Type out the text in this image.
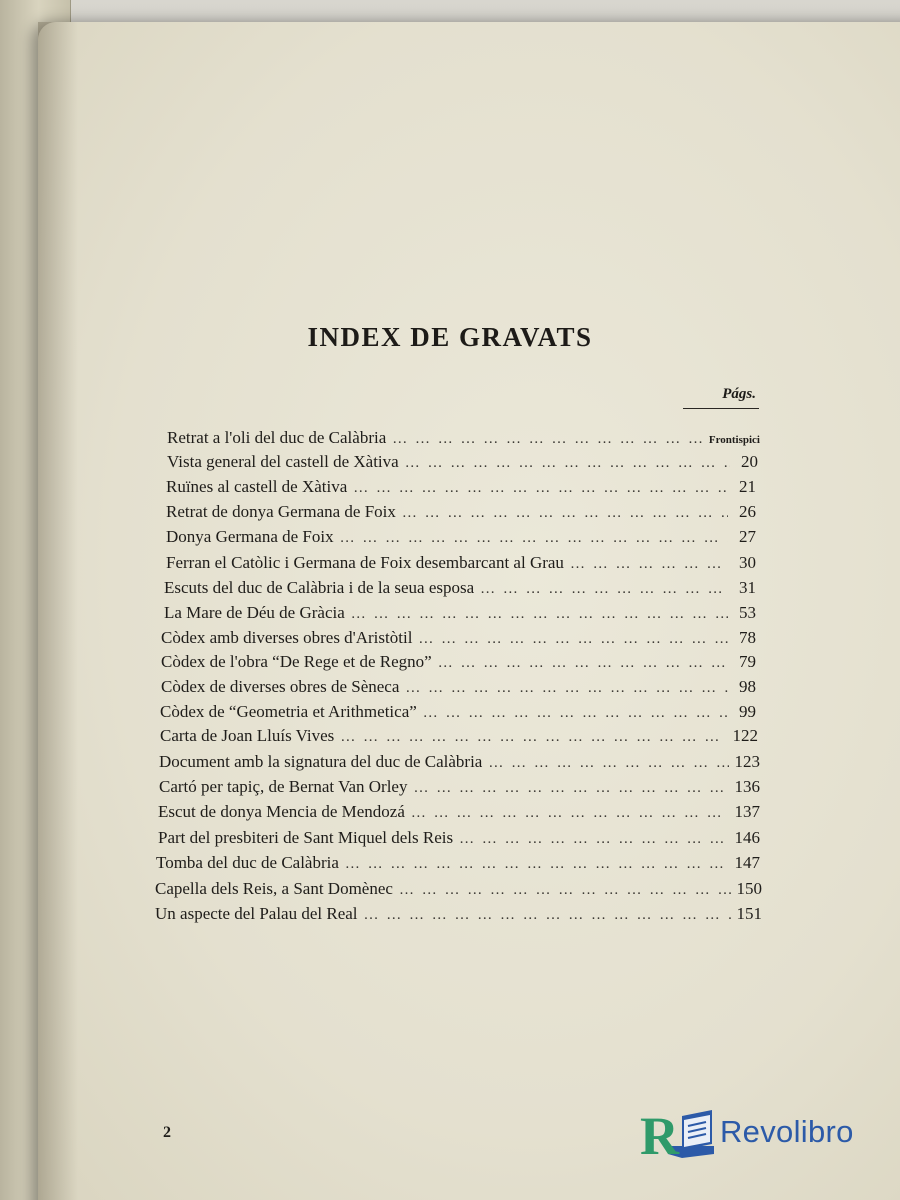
INDEX DE GRAVATS
Págs.
Retrat a l'oli del duc de Calàbria … … … … … … … … … … … … … … … … … … … … … … … … … … … … … … … … … … … … … … … … … … …	Frontispici
Vista general del castell de Xàtiva … … … … … … … … … … … … … … … … … … … … … … … … … … … … … … … … … … … … … … … … … … …	20
Ruïnes al castell de Xàtiva … … … … … … … … … … … … … … … … … … … … … … … … … … … … … … … … … … … … … … … … … … …	21
Retrat de donya Germana de Foix … … … … … … … … … … … … … … … … … … … … … … … … … … … … … … … … … … … … … … … … … … …	26
Donya Germana de Foix … … … … … … … … … … … … … … … … … … … … … … … … … … … … … … … … … … … … … … … … … … …	27
Ferran el Catòlic i Germana de Foix desembarcant al Grau … … … … … … … … … … … … … … … … … … … … … … … … … … … … … … … … … … … … … … … … … … …	30
Escuts del duc de Calàbria i de la seua esposa … … … … … … … … … … … … … … … … … … … … … … … … … … … … … … … … … … … … … … … … … … …	31
La Mare de Déu de Gràcia … … … … … … … … … … … … … … … … … … … … … … … … … … … … … … … … … … … … … … … … … … …	53
Còdex amb diverses obres d'Aristòtil … … … … … … … … … … … … … … … … … … … … … … … … … … … … … … … … … … … … … … … … … … …	78
Còdex de l'obra “De Rege et de Regno” … … … … … … … … … … … … … … … … … … … … … … … … … … … … … … … … … … … … … … … … … … …	79
Còdex de diverses obres de Sèneca … … … … … … … … … … … … … … … … … … … … … … … … … … … … … … … … … … … … … … … … … … …	98
Còdex de “Geometria et Arithmetica” … … … … … … … … … … … … … … … … … … … … … … … … … … … … … … … … … … … … … … … … … … …	99
Carta de Joan Lluís Vives … … … … … … … … … … … … … … … … … … … … … … … … … … … … … … … … … … … … … … … … … … …	122
Document amb la signatura del duc de Calàbria … … … … … … … … … … … … … … … … … … … … … … … … … … … … … … … … … … … … … … … … … … …	123
Cartó per tapiç, de Bernat Van Orley … … … … … … … … … … … … … … … … … … … … … … … … … … … … … … … … … … … … … … … … … … …	136
Escut de donya Mencia de Mendozá … … … … … … … … … … … … … … … … … … … … … … … … … … … … … … … … … … … … … … … … … … …	137
Part del presbiteri de Sant Miquel dels Reis … … … … … … … … … … … … … … … … … … … … … … … … … … … … … … … … … … … … … … … … … … …	146
Tomba del duc de Calàbria … … … … … … … … … … … … … … … … … … … … … … … … … … … … … … … … … … … … … … … … … … …	147
Capella dels Reis, a Sant Domènec … … … … … … … … … … … … … … … … … … … … … … … … … … … … … … … … … … … … … … … … … … …	150
Un aspecte del Palau del Real … … … … … … … … … … … … … … … … … … … … … … … … … … … … … … … … … … … … … … … … … … …	151
2	R Revolibro
